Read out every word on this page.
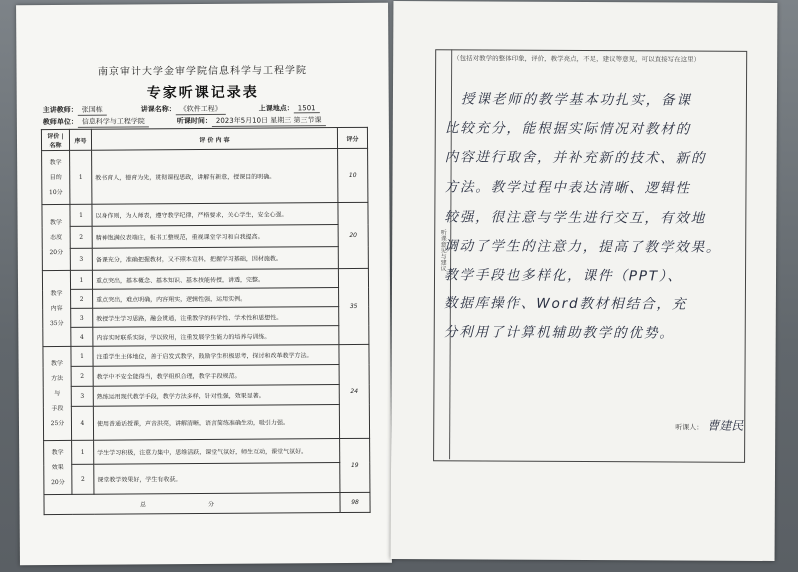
南京审计大学金审学院信息科学与工程学院
专家听课记录表
主讲教师： 张国栋	讲课名称： 《软件工程》	上课地点： 1501
教师单位： 信息科学与工程学院	听课时间： 2023年5月10日 星期三 第三节课
评价 | 名称	序号	评 价 内 容	评分

教学
目的
10分	1	教书育人，德育为先，贯彻课程思政，讲解有新意，授课目的明确。	10

教学
态度
20分	1	以身作则，为人师表，遵守教学纪律，严格要求，关心学生，安全心强。	20
	2	精神饱满仪表端庄，板书工整规范，重视课堂学习和自我提高。	
	3	备课充分，准确把握教材，又不照本宣科，把握学习基础，因材施教。	

教学
内容
35分	1	重点突出，基本概念、基本知识、基本技能传授，讲透，完整。	35
	2	重点突出，难点明确，内容翔实，逻辑性强，运用实例。	
	3	教授学生学习思路，融会贯通，注重教学的科学性、学术性和思想性。	
	4	内容实时联系实际，学以致用，注重发展学生能力的培养与训练。	

教学
方法
与
手段
25分	1	注重学生主体地位，善于启发式教学，鼓励学生积极思考，探讨和改革教学方法。	24
	2	教学中不安全能得当，教学组织合理，教学手段规范。	
	3	熟练运用现代教学手段，教学方法多样，针对性强，效果显著。	
	4	使用普通话授课，声音洪亮，讲解清晰，语言简练准确生动，吸引力强。	

教学
效果
20分	1	学生学习积极，注意力集中，思维活跃，课堂气氛好，师生互动，课堂气氛好。	19
	2	课堂教学效果好，学生有收获。	
总 分			98
（包括对教学的整体印象，评价，教学亮点，不足，建议等意见，可以直接写在这里）
听课意见与建议
授课老师的教学基本功扎实，备课
比较充分，能根据实际情况对教材的
内容进行取舍，并补充新的技术、新的
方法。教学过程中表达清晰、逻辑性
较强，很注意与学生进行交互，有效地
调动了学生的注意力，提高了教学效果。
教学手段也多样化，课件（PPT）、
数据库操作、Word教材相结合，充
分利用了计算机辅助教学的优势。
听课人： 曹建民
